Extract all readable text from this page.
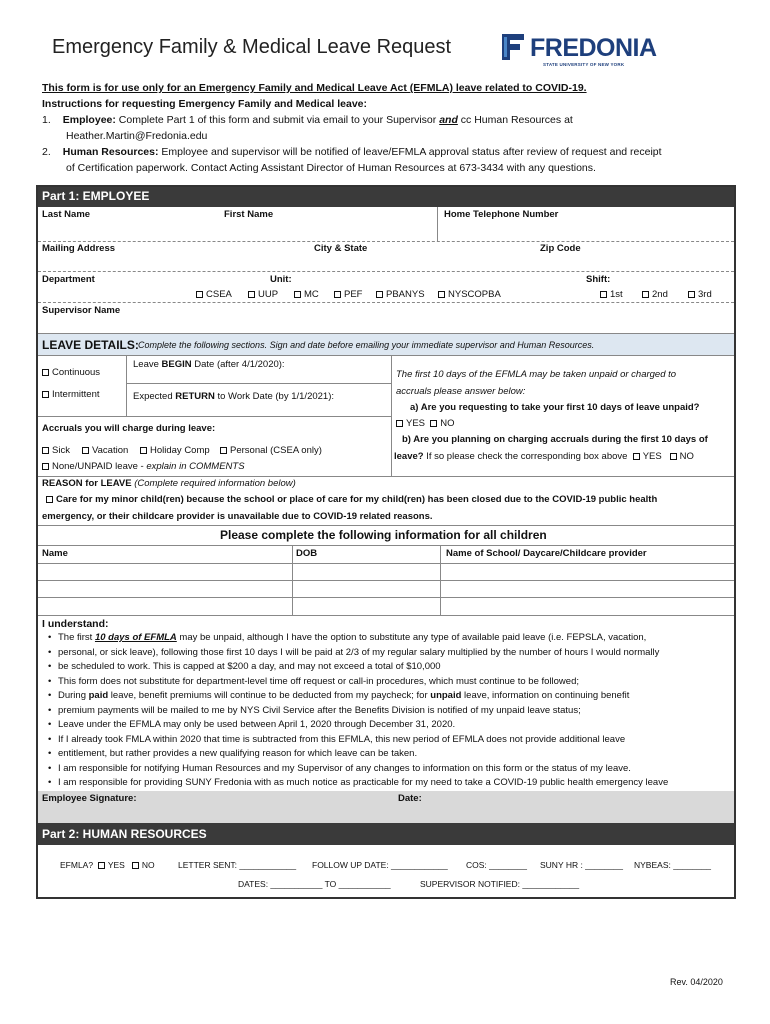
Emergency Family & Medical Leave Request	FREDONIA
STATE UNIVERSITY OF NEW YORK
This form is for use only for an Emergency Family and Medical Leave Act (EFMLA) leave related to COVID-19.
Instructions for requesting Emergency Family and Medical leave:
1. Employee: Complete Part 1 of this form and submit via email to your Supervisor and cc Human Resources at
Heather.Martin@Fredonia.edu
2. Human Resources: Employee and supervisor will be notified of leave/EFMLA approval status after review of request and receipt
of Certification paperwork. Contact Acting Assistant Director of Human Resources at 673-3434 with any questions.
Part 1: EMPLOYEE
Last Name	First Name	Home Telephone Number
Mailing Address	City & State	Zip Code
Department	Unit:	Shift:
CSEA	UUP	MC	PEF	PBANYS	NYSCOPBA	1st	2nd	3rd
Supervisor Name
LEAVE DETAILS: Complete the following sections. Sign and date before emailing your immediate supervisor and Human Resources.
Continuous
Intermittent
Leave BEGIN Date (after 4/1/2020):
Expected RETURN to Work Date (by 1/1/2021):
Accruals you will charge during leave:
Sick	Vacation	Holiday Comp	Personal (CSEA only)
None/UNPAID leave - explain in COMMENTS
The first 10 days of the EFMLA may be taken unpaid or charged to
accruals please answer below:
a) Are you requesting to take your first 10 days of leave unpaid?
YES NO
b) Are you planning on charging accruals during the first 10 days of
leave? If so please check the corresponding box above YES NO
REASON for LEAVE (Complete required information below)
Care for my minor child(ren) because the school or place of care for my child(ren) has been closed due to the COVID-19 public health
emergency, or their childcare provider is unavailable due to COVID-19 related reasons.
Please complete the following information for all children
Name	DOB	Name of School/ Daycare/Childcare provider
I understand:
• The first 10 days of EFMLA may be unpaid, although I have the option to substitute any type of available paid leave (i.e. FEPSLA, vacation,
• personal, or sick leave), following those first 10 days I will be paid at 2/3 of my regular salary multiplied by the number of hours I would normally
• be scheduled to work. This is capped at $200 a day, and may not exceed a total of $10,000
• This form does not substitute for department-level time off request or call-in procedures, which must continue to be followed;
• During paid leave, benefit premiums will continue to be deducted from my paycheck; for unpaid leave, information on continuing benefit
• premium payments will be mailed to me by NYS Civil Service after the Benefits Division is notified of my unpaid leave status;
• Leave under the EFMLA may only be used between April 1, 2020 through December 31, 2020.
• If I already took FMLA within 2020 that time is subtracted from this EFMLA, this new period of EFMLA does not provide additional leave
• entitlement, but rather provides a new qualifying reason for which leave can be taken.
• I am responsible for notifying Human Resources and my Supervisor of any changes to information on this form or the status of my leave.
• I am responsible for providing SUNY Fredonia with as much notice as practicable for my need to take a COVID-19 public health emergency leave
Employee Signature:	Date:
Part 2: HUMAN RESOURCES
EFMLA? YES NO	LETTER SENT: ____________ FOLLOW UP DATE: ____________ COS: ________ SUNY HR : ________ NYBEAS: ________
DATES: ___________ TO ___________	SUPERVISOR NOTIFIED: ____________
Rev. 04/2020
